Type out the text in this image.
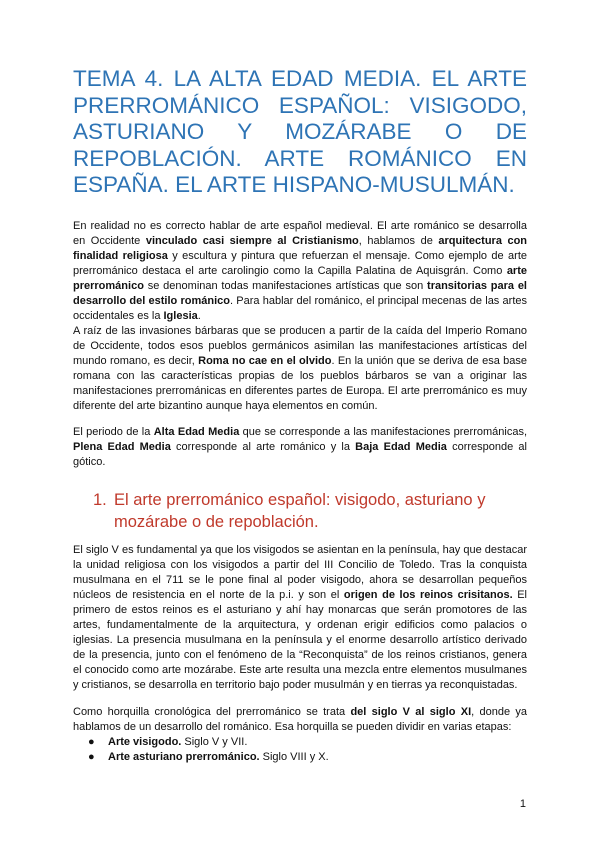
TEMA 4. LA ALTA EDAD MEDIA. EL ARTE PRERROMÁNICO ESPAÑOL: VISIGODO, ASTURIANO Y MOZÁRABE O DE REPOBLACIÓN. ARTE ROMÁNICO EN ESPAÑA. EL ARTE HISPANO-MUSULMÁN.

En realidad no es correcto hablar de arte español medieval. El arte románico se desarrolla en Occidente vinculado casi siempre al Cristianismo, hablamos de arquitectura con finalidad religiosa y escultura y pintura que refuerzan el mensaje. Como ejemplo de arte prerrománico destaca el arte carolingio como la Capilla Palatina de Aquisgrán. Como arte prerrománico se denominan todas manifestaciones artísticas que son transitorias para el desarrollo del estilo románico. Para hablar del románico, el principal mecenas de las artes occidentales es la Iglesia.

A raíz de las invasiones bárbaras que se producen a partir de la caída del Imperio Romano de Occidente, todos esos pueblos germánicos asimilan las manifestaciones artísticas del mundo romano, es decir, Roma no cae en el olvido. En la unión que se deriva de esa base romana con las características propias de los pueblos bárbaros se van a originar las manifestaciones prerrománicas en diferentes partes de Europa. El arte prerrománico es muy diferente del arte bizantino aunque haya elementos en común.

El periodo de la Alta Edad Media que se corresponde a las manifestaciones prerrománicas, Plena Edad Media corresponde al arte románico y la Baja Edad Media corresponde al gótico.

1. El arte prerrománico español: visigodo, asturiano y mozárabe o de repoblación.

El siglo V es fundamental ya que los visigodos se asientan en la península, hay que destacar la unidad religiosa con los visigodos a partir del III Concilio de Toledo. Tras la conquista musulmana en el 711 se le pone final al poder visigodo, ahora se desarrollan pequeños núcleos de resistencia en el norte de la p.i. y son el origen de los reinos crisitanos. El primero de estos reinos es el asturiano y ahí hay monarcas que serán promotores de las artes, fundamentalmente de la arquitectura, y ordenan erigir edificios como palacios o iglesias. La presencia musulmana en la península y el enorme desarrollo artístico derivado de la presencia, junto con el fenómeno de la “Reconquista” de los reinos cristianos, genera el conocido como arte mozárabe. Este arte resulta una mezcla entre elementos musulmanes y cristianos, se desarrolla en territorio bajo poder musulmán y en tierras ya reconquistadas.

Como horquilla cronológica del prerrománico se trata del siglo V al siglo XI, donde ya hablamos de un desarrollo del románico. Esa horquilla se pueden dividir en varias etapas:

● Arte visigodo. Siglo V y VII.
● Arte asturiano prerrománico. Siglo VIII y X.
1
